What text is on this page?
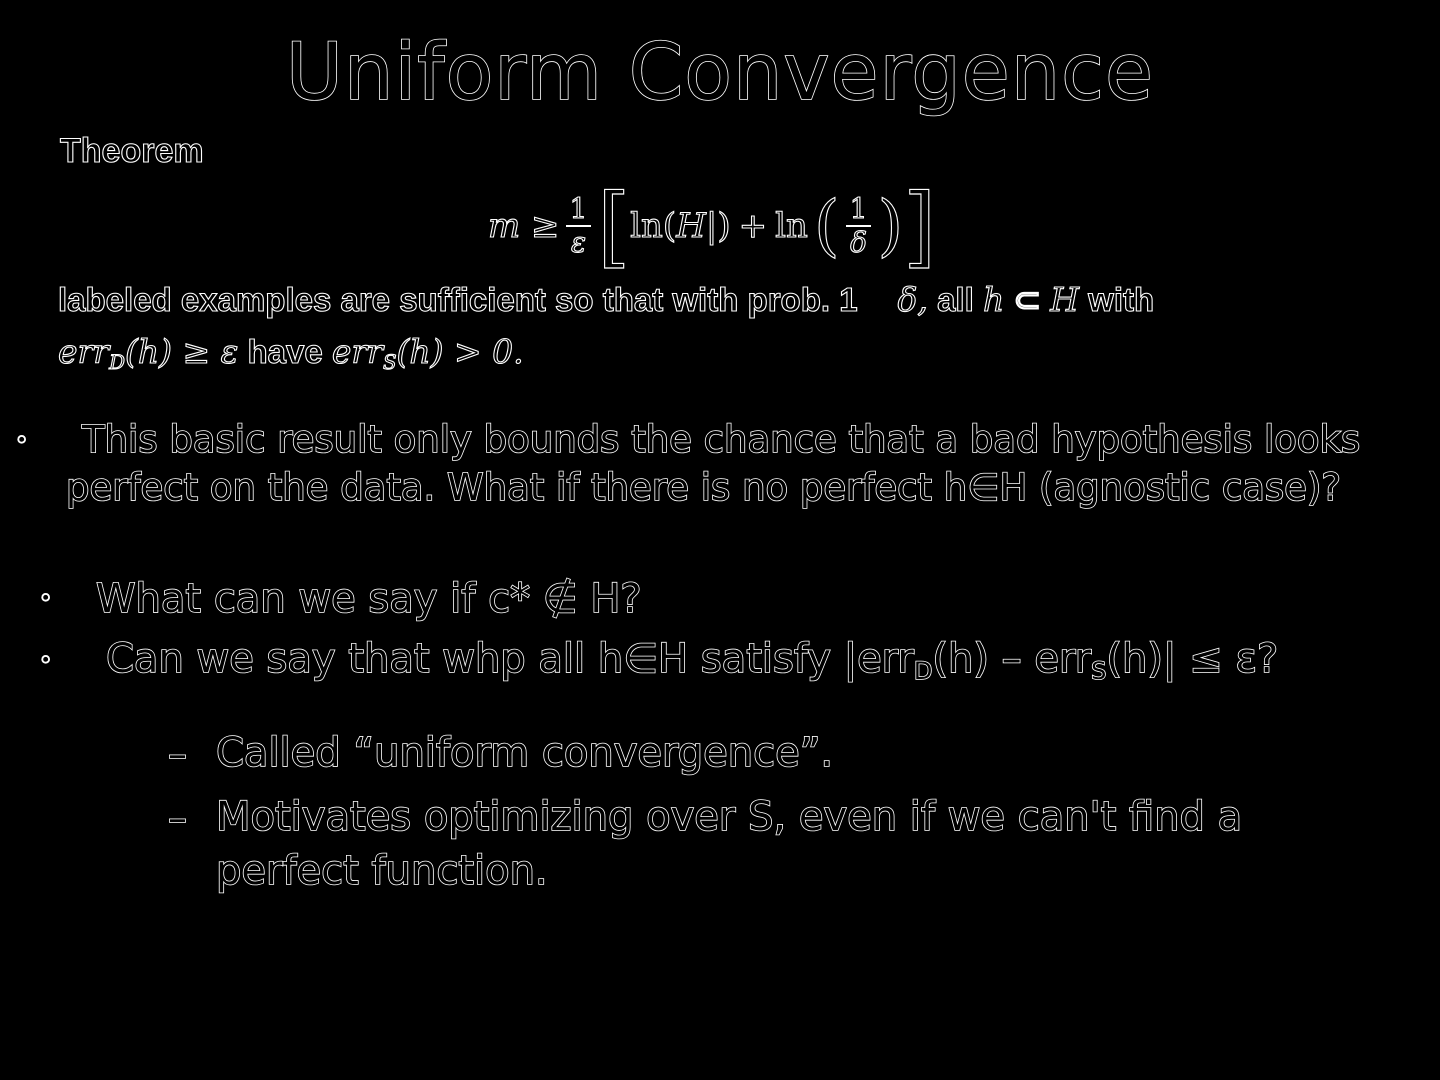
Uniform Convergence
Theorem
$m \ge \frac{1}{\varepsilon}$ [ ln( H| ) + ln ( $\frac{1}{\delta}$ ) ]
labeled examples are sufficient so that with prob. 1 δ, all h ⊂ H with
err$_D$(h) ≥ ε have err$_S$(h) > 0.
◦ This basic result only bounds the chance that a bad hypothesis looks
perfect on the data. What if there is no perfect h∈H (agnostic case)?
◦ What can we say if c* ∉ H?
◦ Can we say that whp all h∈H satisfy |err$_D$(h) – err$_S$(h)| ≤ ε?
– Called “uniform convergence”.
– Motivates optimizing over S, even if we can't find a
perfect function.
